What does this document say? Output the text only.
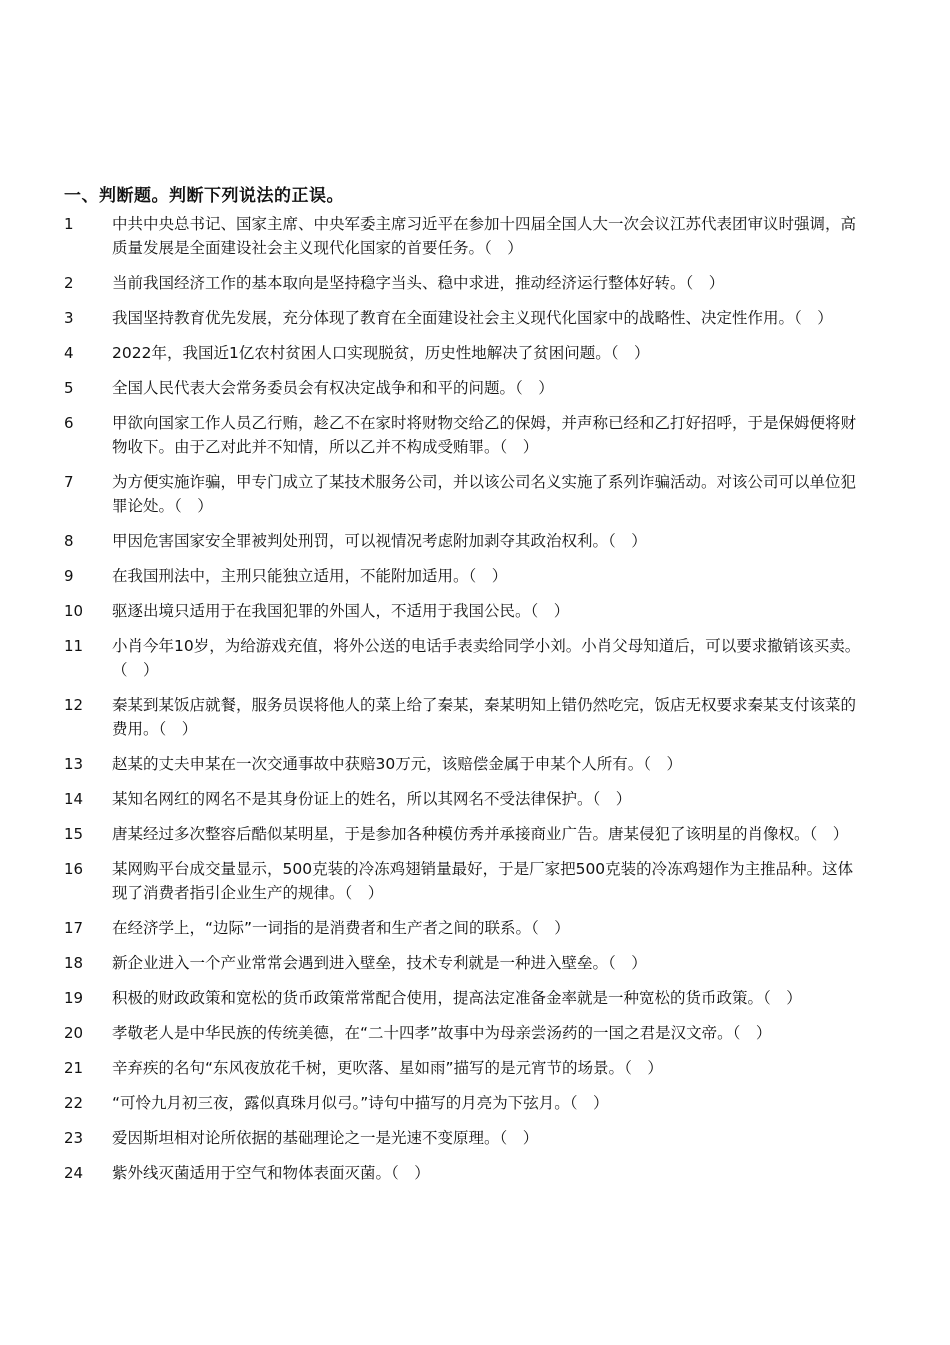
一、判断题。判断下列说法的正误。
1	中共中央总书记、国家主席、中央军委主席习近平在参加十四届全国人大一次会议江苏代表团审议时强调，高质量发展是全面建设社会主义现代化国家的首要任务。（　）
2	当前我国经济工作的基本取向是坚持稳字当头、稳中求进，推动经济运行整体好转。（　）
3	我国坚持教育优先发展，充分体现了教育在全面建设社会主义现代化国家中的战略性、决定性作用。（　）
4	2022年，我国近1亿农村贫困人口实现脱贫，历史性地解决了贫困问题。（　）
5	全国人民代表大会常务委员会有权决定战争和和平的问题。（　）
6	甲欲向国家工作人员乙行贿，趁乙不在家时将财物交给乙的保姆，并声称已经和乙打好招呼，于是保姆便将财物收下。由于乙对此并不知情，所以乙并不构成受贿罪。（　）
7	为方便实施诈骗，甲专门成立了某技术服务公司，并以该公司名义实施了系列诈骗活动。对该公司可以单位犯罪论处。（　）
8	甲因危害国家安全罪被判处刑罚，可以视情况考虑附加剥夺其政治权利。（　）
9	在我国刑法中，主刑只能独立适用，不能附加适用。（　）
10	驱逐出境只适用于在我国犯罪的外国人，不适用于我国公民。（　）
11	小肖今年10岁，为给游戏充值，将外公送的电话手表卖给同学小刘。小肖父母知道后，可以要求撤销该买卖。（　）
12	秦某到某饭店就餐，服务员误将他人的菜上给了秦某，秦某明知上错仍然吃完，饭店无权要求秦某支付该菜的费用。（　）
13	赵某的丈夫申某在一次交通事故中获赔30万元，该赔偿金属于申某个人所有。（　）
14	某知名网红的网名不是其身份证上的姓名，所以其网名不受法律保护。（　）
15	唐某经过多次整容后酷似某明星，于是参加各种模仿秀并承接商业广告。唐某侵犯了该明星的肖像权。（　）
16	某网购平台成交量显示，500克装的冷冻鸡翅销量最好，于是厂家把500克装的冷冻鸡翅作为主推品种。这体现了消费者指引企业生产的规律。（　）
17	在经济学上，“边际”一词指的是消费者和生产者之间的联系。（　）
18	新企业进入一个产业常常会遇到进入壁垒，技术专利就是一种进入壁垒。（　）
19	积极的财政政策和宽松的货币政策常常配合使用，提高法定准备金率就是一种宽松的货币政策。（　）
20	孝敬老人是中华民族的传统美德，在“二十四孝”故事中为母亲尝汤药的一国之君是汉文帝。（　）
21	辛弃疾的名句“东风夜放花千树，更吹落、星如雨”描写的是元宵节的场景。（　）
22	“可怜九月初三夜，露似真珠月似弓。”诗句中描写的月亮为下弦月。（　）
23	爱因斯坦相对论所依据的基础理论之一是光速不变原理。（　）
24	紫外线灭菌适用于空气和物体表面灭菌。（　）
